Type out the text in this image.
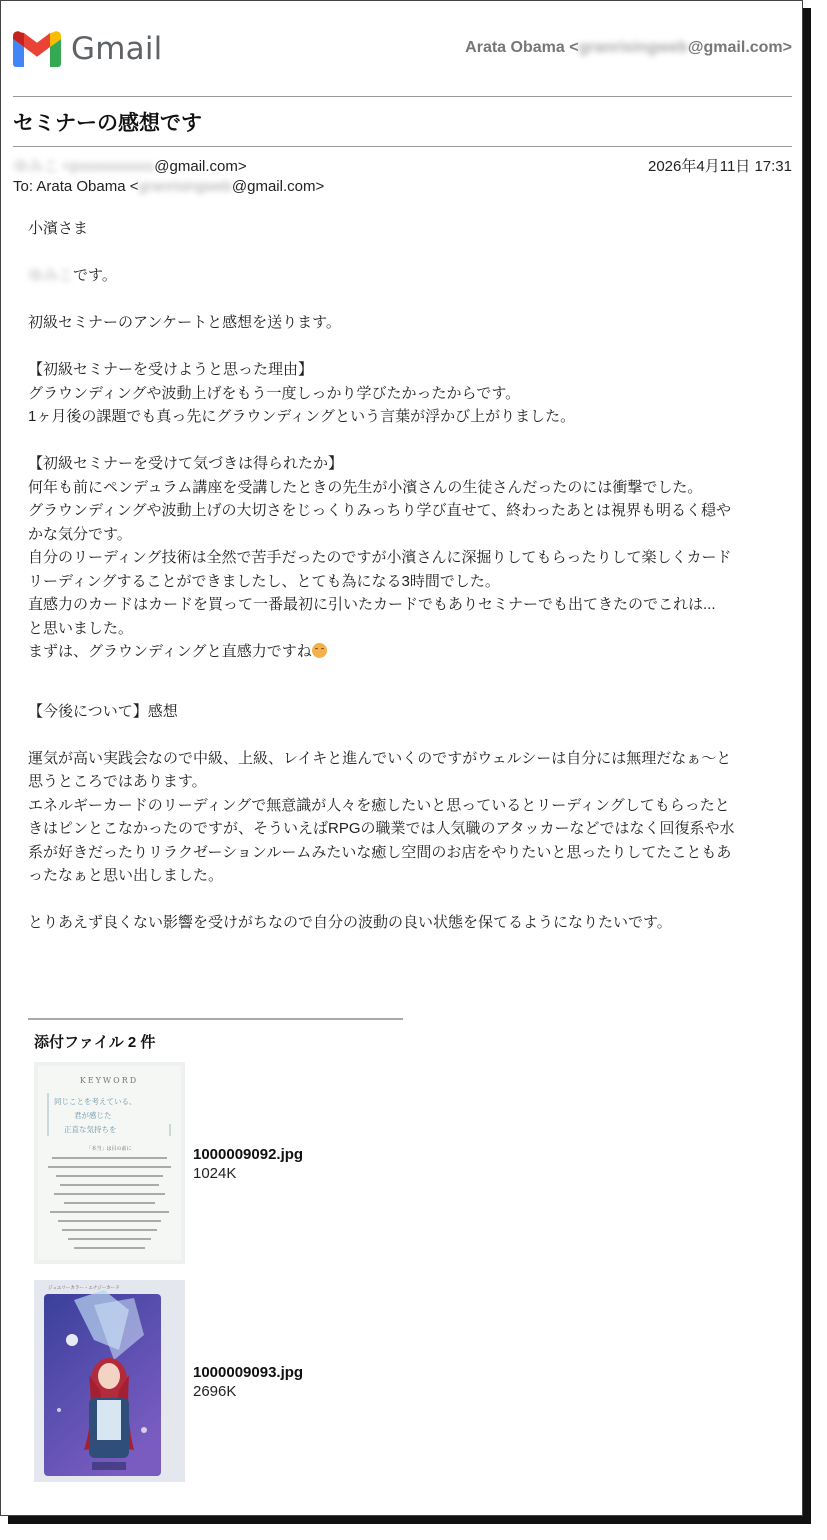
Gmail	Arata Obama <granrisingweb@gmail.com>
セミナーの感想です
ゆみこ <pxxxxxxxxxx@gmail.com>
To: Arata Obama <granrisingweb@gmail.com>
2026年4月11日 17:31

小濱さま

ゆみこです。

初級セミナーのアンケートと感想を送ります。

【初級セミナーを受けようと思った理由】

グラウンディングや波動上げをもう一度しっかり学びたかったからです。

1ヶ月後の課題でも真っ先にグラウンディングという言葉が浮かび上がりました。

【初級セミナーを受けて気づきは得られたか】

何年も前にペンデュラム講座を受講したときの先生が小濱さんの生徒さんだったのには衝撃でした。

グラウンディングや波動上げの大切さをじっくりみっちり学び直せて、終わったあとは視界も明るく穏や

かな気分です。

自分のリーディング技術は全然で苦手だったのですが小濱さんに深掘りしてもらったりして楽しくカード

リーディングすることができましたし、とても為になる3時間でした。

直感力のカードはカードを買って一番最初に引いたカードでもありセミナーでも出てきたのでこれは...

と思いました。

まずは、グラウンディングと直感力ですね

【今後について】感想

運気が高い実践会なので中級、上級、レイキと進んでいくのですがウェルシーは自分には無理だなぁ〜と

思うところではあります。

エネルギーカードのリーディングで無意識が人々を癒したいと思っているとリーディングしてもらったと

きはピンとこなかったのですが、そういえばRPGの職業では人気職のアタッカーなどではなく回復系や水

系が好きだったりリラクゼーションルームみたいな癒し空間のお店をやりたいと思ったりしてたこともあ

ったなぁと思い出しました。

とりあえず良くない影響を受けがちなので自分の波動の良い状態を保てるようになりたいです。

添付ファイル 2 件
KEYWORD
同じことを考えている、
君が感じた
正直な気持ちを
「本当」は目の前に	1000009092.jpg
1024K
ジュエリーカラー・エナジーカード
1000009093.jpg
2696K
